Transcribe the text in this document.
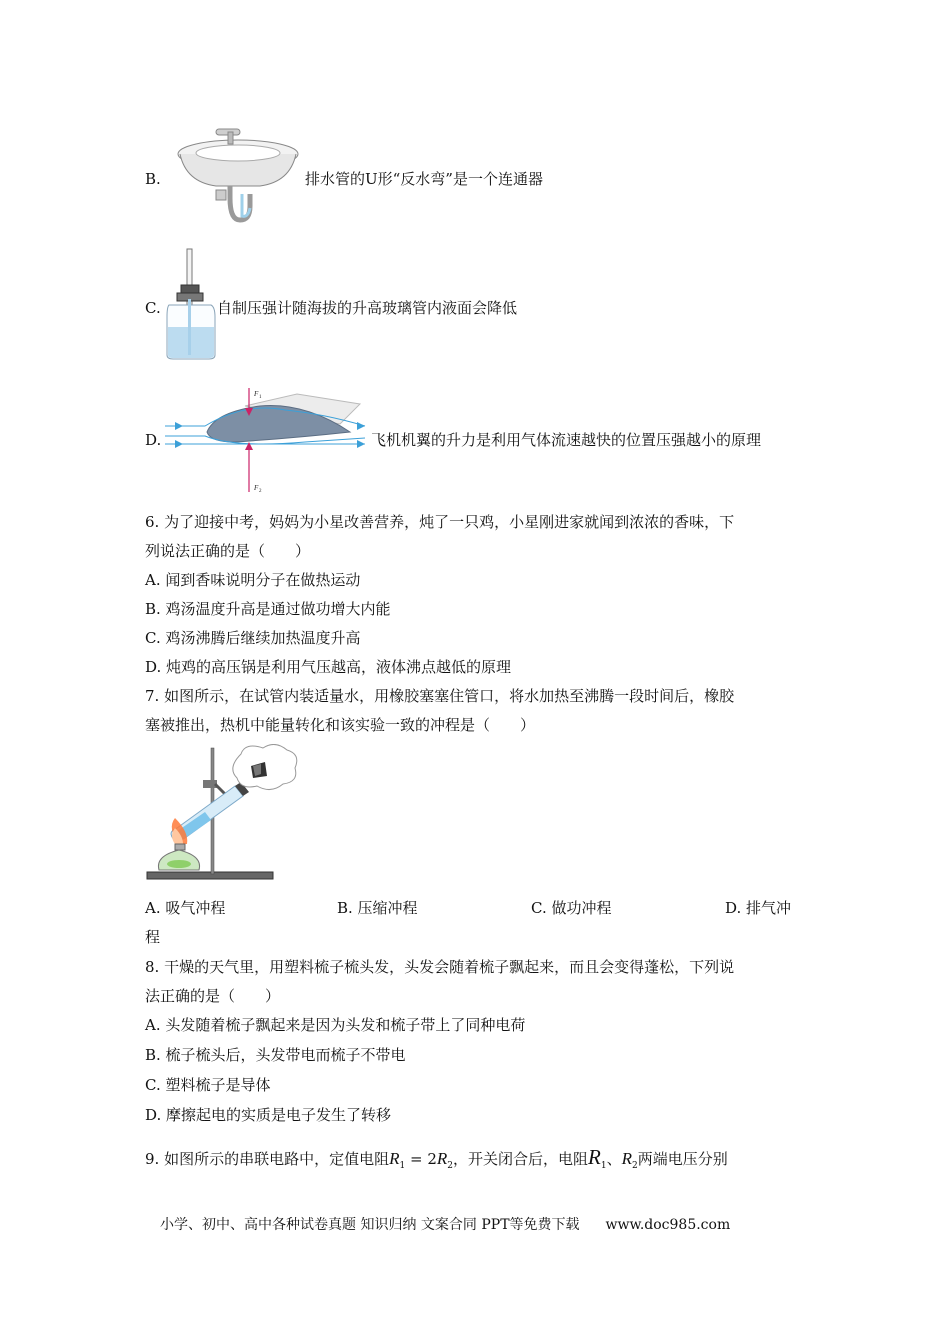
B.	排水管的U形“反水弯”是一个连通器
C.	自制压强计随海拔的升高玻璃管内液面会降低
D.
F 1
F 2
飞机机翼的升力是利用气体流速越快的位置压强越小的原理
6. 为了迎接中考，妈妈为小星改善营养，炖了一只鸡，小星刚进家就闻到浓浓的香味，下
列说法正确的是（　　）
A. 闻到香味说明分子在做热运动
B. 鸡汤温度升高是通过做功增大内能
C. 鸡汤沸腾后继续加热温度升高
D. 炖鸡的高压锅是利用气压越高，液体沸点越低的原理
7. 如图所示，在试管内装适量水，用橡胶塞塞住管口，将水加热至沸腾一段时间后，橡胶
塞被推出，热机中能量转化和该实验一致的冲程是（　　）
A. 吸气冲程	B. 压缩冲程	C. 做功冲程	D. 排气冲
程
8. 干燥的天气里，用塑料梳子梳头发，头发会随着梳子飘起来，而且会变得蓬松，下列说
法正确的是（　　）
A. 头发随着梳子飘起来是因为头发和梳子带上了同种电荷
B. 梳子梳头后，头发带电而梳子不带电
C. 塑料梳子是导体
D. 摩擦起电的实质是电子发生了转移
9. 如图所示的串联电路中，定值电阻$R_1 = 2R_2$，开关闭合后，电阻$R_1$、$R_2$两端电压分别
小学、初中、高中各种试卷真题 知识归纳 文案合同 PPT等免费下载 www.doc985.com
